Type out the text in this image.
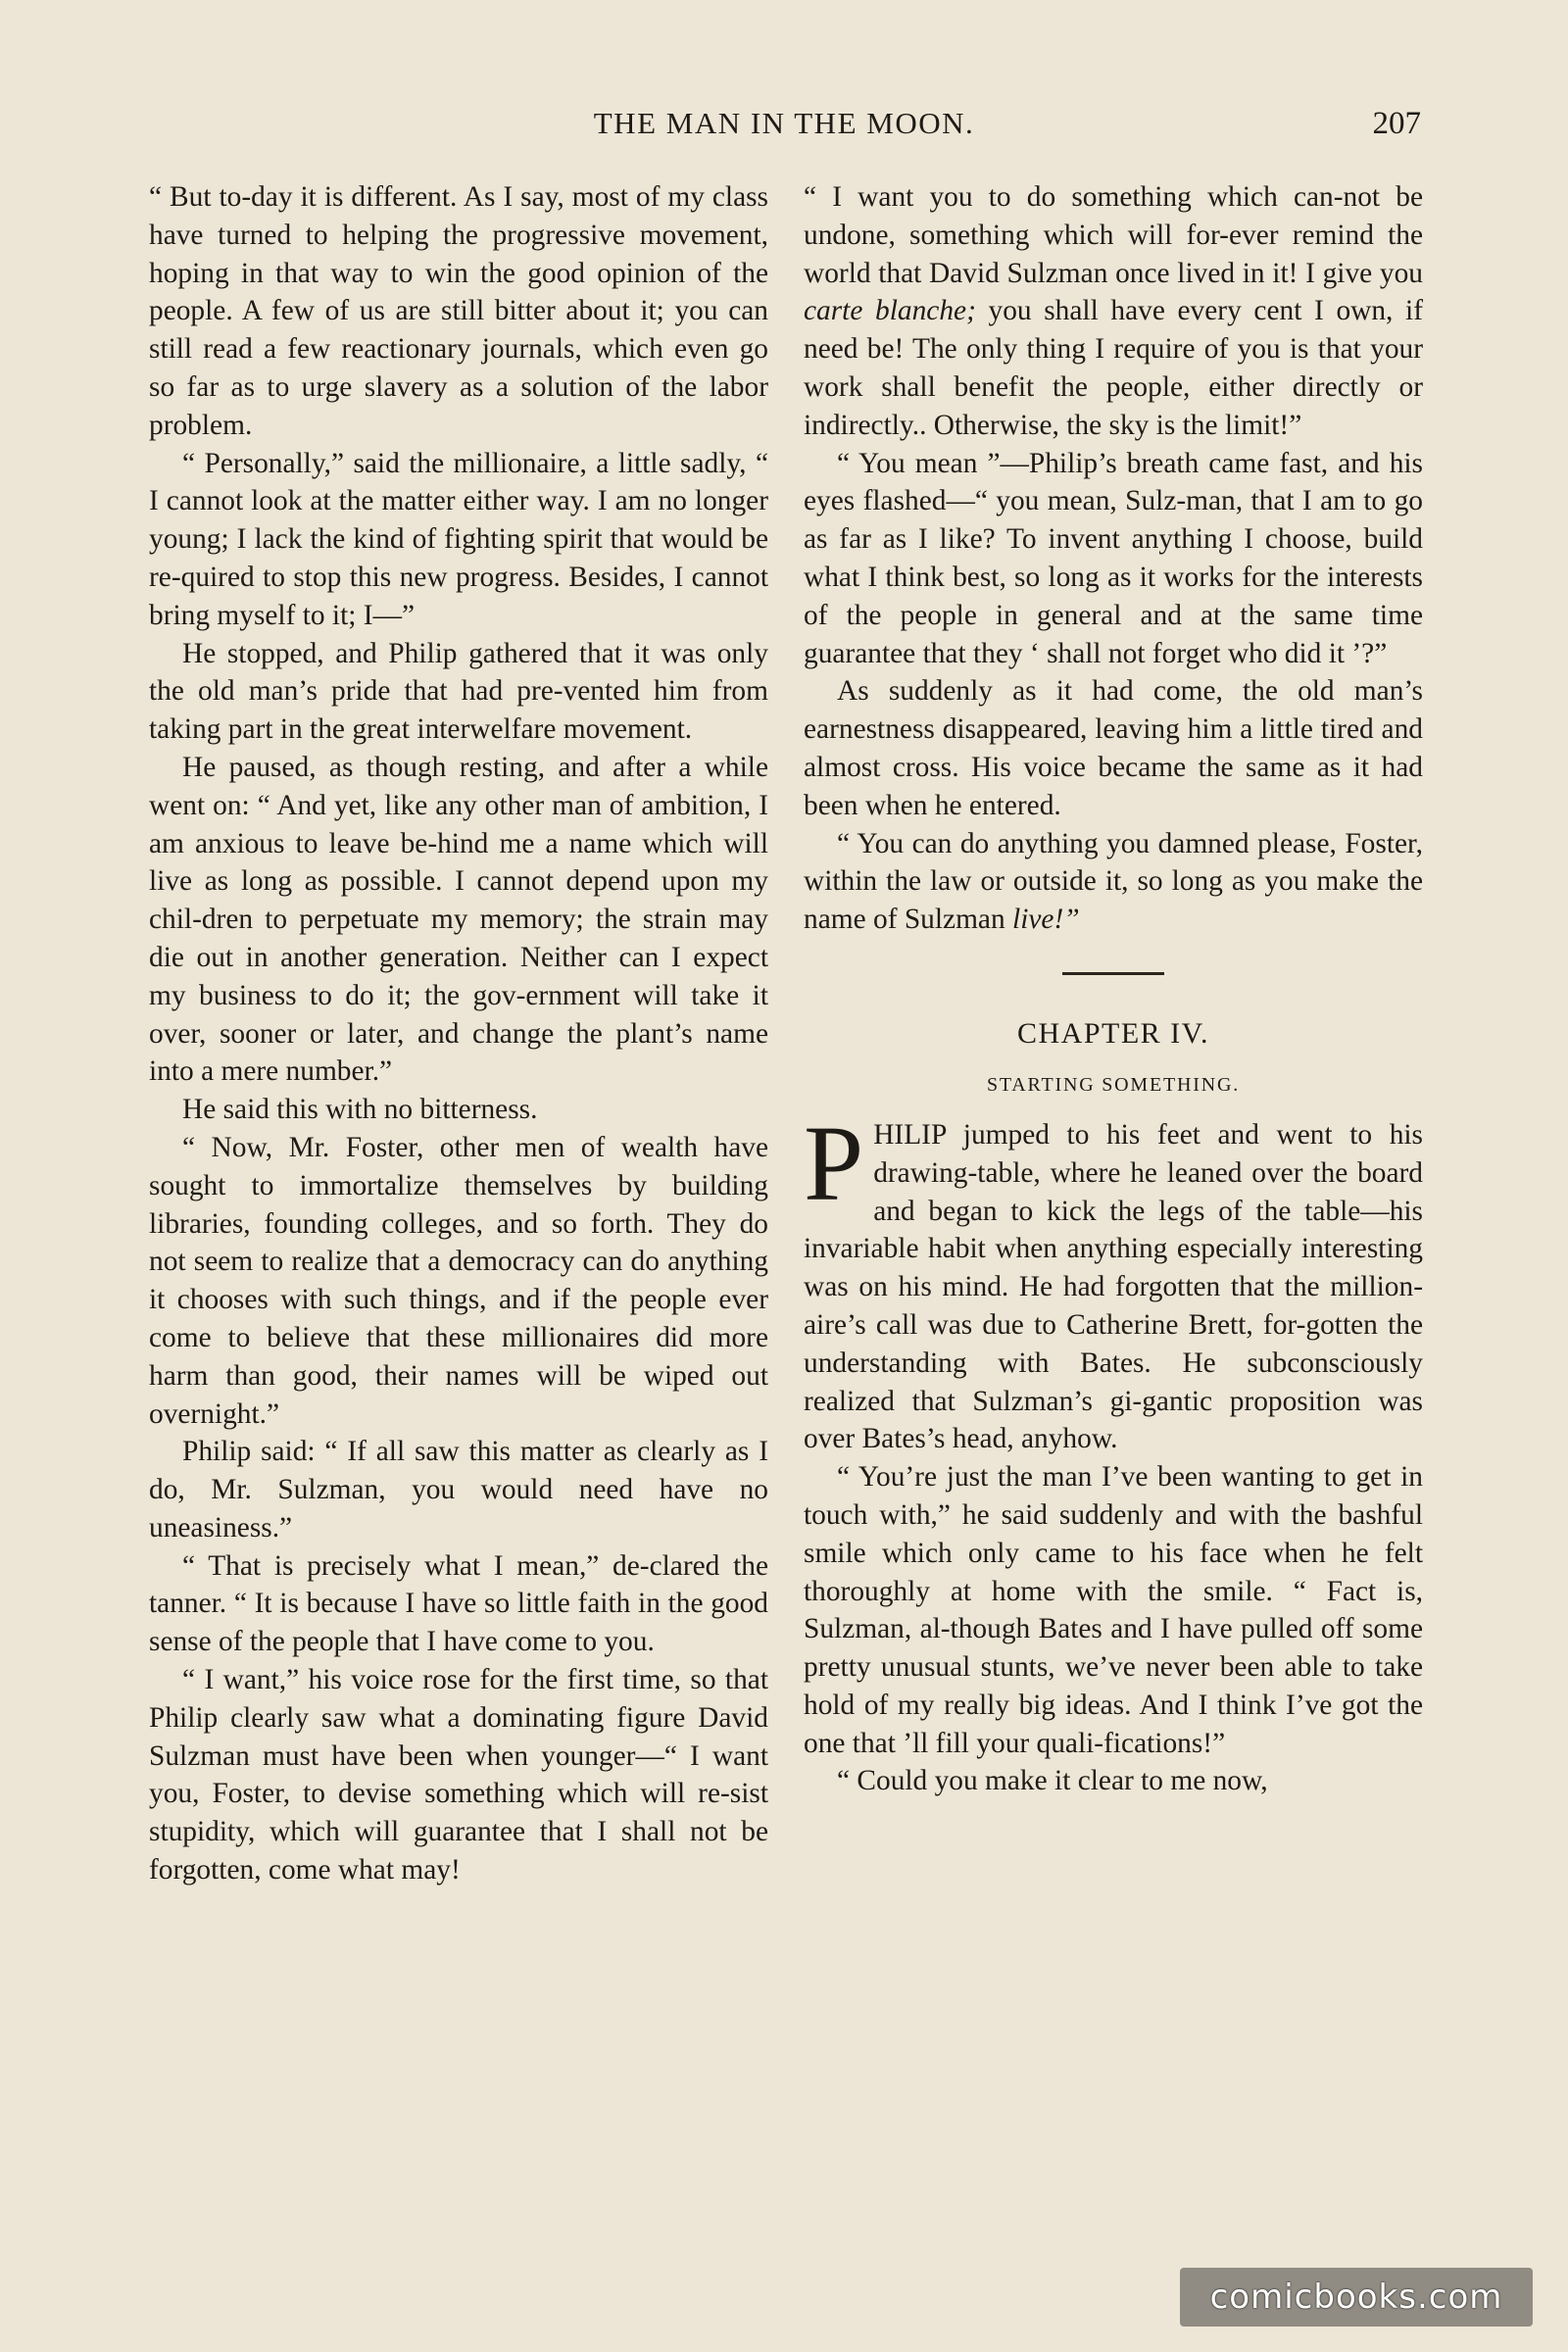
THE MAN IN THE MOON.	207

“ But to-day it is different. As I say, most of my class have turned to helping the progressive movement, hoping in that way to win the good opinion of the people. A few of us are still bitter about it; you can still read a few reactionary journals, which even go so far as to urge slavery as a solution of the labor problem.

“ Personally,” said the millionaire, a little sadly, “ I cannot look at the matter either way. I am no longer young; I lack the kind of fighting spirit that would be re-quired to stop this new progress. Besides, I cannot bring myself to it; I—”

He stopped, and Philip gathered that it was only the old man’s pride that had pre-vented him from taking part in the great interwelfare movement.

He paused, as though resting, and after a while went on: “ And yet, like any other man of ambition, I am anxious to leave be-hind me a name which will live as long as possible. I cannot depend upon my chil-dren to perpetuate my memory; the strain may die out in another generation. Neither can I expect my business to do it; the gov-ernment will take it over, sooner or later, and change the plant’s name into a mere number.”

He said this with no bitterness.

“ Now, Mr. Foster, other men of wealth have sought to immortalize themselves by building libraries, founding colleges, and so forth. They do not seem to realize that a democracy can do anything it chooses with such things, and if the people ever come to believe that these millionaires did more harm than good, their names will be wiped out overnight.”

Philip said: “ If all saw this matter as clearly as I do, Mr. Sulzman, you would need have no uneasiness.”

“ That is precisely what I mean,” de-clared the tanner. “ It is because I have so little faith in the good sense of the people that I have come to you.

“ I want,” his voice rose for the first time, so that Philip clearly saw what a dominating figure David Sulzman must have been when younger—“ I want you, Foster, to devise something which will re-sist stupidity, which will guarantee that I shall not be forgotten, come what may!

“ I want you to do something which can-not be undone, something which will for-ever remind the world that David Sulzman once lived in it! I give you carte blanche; you shall have every cent I own, if need be! The only thing I require of you is that your work shall benefit the people, either directly or indirectly.. Otherwise, the sky is the limit!”

“ You mean ”—Philip’s breath came fast, and his eyes flashed—“ you mean, Sulz-man, that I am to go as far as I like? To invent anything I choose, build what I think best, so long as it works for the interests of the people in general and at the same time guarantee that they ‘ shall not forget who did it ’?”

As suddenly as it had come, the old man’s earnestness disappeared, leaving him a little tired and almost cross. His voice became the same as it had been when he entered.

“ You can do anything you damned please, Foster, within the law or outside it, so long as you make the name of Sulzman live!”

CHAPTER IV.
STARTING SOMETHING.

PHILIP jumped to his feet and went to his drawing-table, where he leaned over the board and began to kick the legs of the table—his invariable habit when anything especially interesting was on his mind. He had forgotten that the million-aire’s call was due to Catherine Brett, for-gotten the understanding with Bates. He subconsciously realized that Sulzman’s gi-gantic proposition was over Bates’s head, anyhow.

“ You’re just the man I’ve been wanting to get in touch with,” he said suddenly and with the bashful smile which only came to his face when he felt thoroughly at home with the smile. “ Fact is, Sulzman, al-though Bates and I have pulled off some pretty unusual stunts, we’ve never been able to take hold of my really big ideas. And I think I’ve got the one that ’ll fill your quali-fications!”

“ Could you make it clear to me now,

comicbooks.com
